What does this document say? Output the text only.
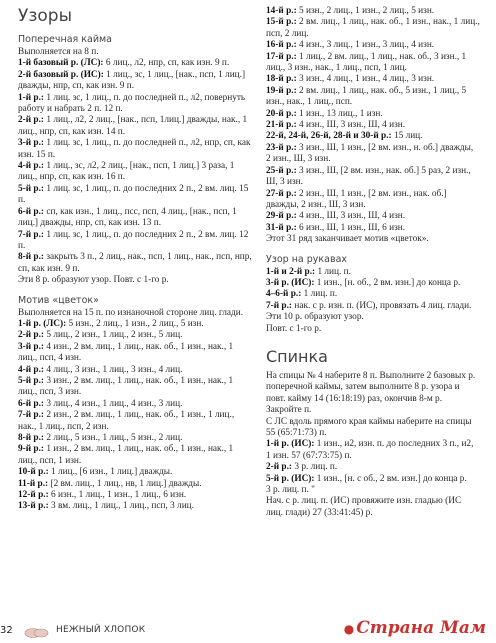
Узоры
Поперечная кайма

Выполняется на 8 п.

1-й базовый р. (ЛС): 6 лиц., л2, нпр, сп, как изн. 9 п.

2-й базовый р. (ИС): 1 лиц., зс, 1 лиц., [нак., псп, 1 лиц.] дважды, нпр, сп, как изн. 9 п.

1-й р.: 1 лиц. зс, 1 лиц., п. до последней п., л2, повернуть работу и набрать 2 п. 12 п.

2-й р.: 1 лиц., л2, 2 лиц., [нак., псп, 1лиц.] дважды, нак., 1 лиц., нпр, сп, как изн. 14 п.

3-й р.: 1 лиц. зс, 1 лиц., п. до последней п., л2, нпр, сп, как изн. 15 п.

4-й р.: 1 лиц., зс, л2, 2 лиц., [нак., псп, 1 лиц.] 3 раза, 1 лиц., нпр, сп, как изн. 16 п.

5-й р.: 1 лиц. зс, 1 лиц., п. до последних 2 п., 2 вм. лиц. 15 п.

6-й р.: сп, как изн., 1 лиц., псс, псп, 4 лиц., [нак., псп, 1 лиц.] дважды, нпр, сп, как изн. 13 п.

7-й р.: 1 лиц. зс, 1 лиц., п. до последних 2 п., 2 вм. лиц. 12 п.

8-й р.: закрыть 3 п., 2 лиц., нак., псп, 1 лиц., нак., псп, нпр, сп, как изн. 9 п.

Эти 8 р. образуют узор. Повт. с 1-го р.

Мотив «цветок»

Выполняется на 15 п. по изнаночной стороне лиц. глади.

1-й р. (ЛС): 5 изн., 2 лиц., 1 изн., 2 лиц., 5 изн.

2-й р.: 5 лиц., 2 изн., 1 лиц., 2 изн., 5 лиц.

3-й р.: 4 изн., 2 вм. лиц., 1 лиц., нак. об., 1 изн., нак., 1 лиц., псп, 4 изн.

4-й р.: 4 лиц., 3 изн., 1 лиц., 3 изн., 4 лиц.

5-й р.: 3 изн., 2 вм. лиц., 1 лиц., нак. об., 1 изн., нак., 1 лиц., псп, 3 изн.

6-й р.: 3 лиц., 4 изн., 1 лиц., 4 изн., 3 лиц.

7-й р.: 2 изн., 2 вм. лиц., 1 лиц., нак. об., 1 изн., 1 лиц., нак., 1 лиц., псп, 2 изн.

8-й р.: 2 лиц., 5 изн., 1 лиц., 5 изн., 2 лиц.

9-й р.: 1 изн., 2 вм. лиц., 1 лиц., нак. об., 1 изн., нак., 1 лиц., псп, 1 изн.

10-й р.: 1 лиц., [6 изн., 1 лиц.] дважды.

11-й р.: [2 вм. лиц., 1 лиц., нв, 1 лиц.] дважды.

12-й р.: 6 изн., 1 лиц., 1 изн., 1 лиц., 6 изн.

13-й р.: 3 вм. лиц., 1 лиц., 1 лиц., псп, 3 лиц.

14-й р.: 5 изн., 2 лиц., 1 изн., 2 лиц., 5 изн.

15-й р.: 2 вм. лиц., 1 лиц., нак. об., 1 изн., нак., 1 лиц., псп, 2 лиц.

16-й р.: 4 изн., 3 лиц., 1 изн., 3 лиц., 4 изн.

17-й р.: 1 лиц., 2 вм. лиц., 1 лиц., нак. об., 3 изн., 1 лиц., 3 изн., нак., 1 лиц., псп, 1 лиц.

18-й р.: 3 изн., 4 лиц., 1 изн., 4 лиц., 3 изн.

19-й р.: 2 вм. лиц., 1 лиц., нак. об., 5 изн., 1 лиц., 5 изн., нак., 1 лиц., псп.

20-й р.: 1 изн., 13 лиц., 1 изн.

21-й р.: 4 изн., Ш, 3 изн., Ш, 4 изн.

22-й, 24-й, 26-й, 28-й и 30-й р.: 15 лиц.

23-й р.: 3 изн., Ш, 1 изн., [2 вм. изн., н. об.] дважды, 2 изн., Ш, 3 изн.

25-й р.: 3 изн., Ш, [2 вм. изн., нак. об.] 5 раз, 2 изн., Ш, 3 изн.

27-й р.: 2 изн., Ш, 1 изн., [2 вм. изн., нак. об.] дважды, 2 изн., Ш, 3 изн.

29-й р.: 4 изн., Ш, 3 изн., Ш, 4 изн.

31-й р.: 6 изн., Ш, 1 изн., Ш, 6 изн.

Этот 31 ряд заканчивает мотив «цветок».

Узор на рукавах

1-й и 2-й р.: 1 лиц. п.

3-й р. (ИС): 1 изн., [н. об., 2 вм. изн.] до конца р.

4–6-й р.: 1 лиц. п.

7-й р.: нак. с р. изн. п. (ИС), провязать 4 лиц. глади.

Эти 10 р. образуют узор.

Повт. с 1-го р.

Спинка

На спицы № 4 наберите 8 п. Выполните 2 базовых р. поперечной каймы, затем выполните 8 р. узора и повт. кайму 14 (16:18:19) раз, окончив 8-м р. Закройте п.

С ЛС вдоль прямого края каймы наберите на спицы 55 (65:71:73) п.

1-й р. (ИС): 1 изн., и2, изн. п. до последних 3 п., и2, 1 изн. 57 (67:73:75) п.

2-й р.: 3 р. лиц. п.

5-й р. (ИС): 1 изн., [н. с об., 2 вм. изн.] до конца р.

3 р. лиц. п. "

Нач. с р. лиц. п. (ИС) провяжите изн. гладью (ИС лиц. глади) 27 (33:41:45) р.

32	НЕЖНЫЙ ХЛОПОК	● Страна Мам
